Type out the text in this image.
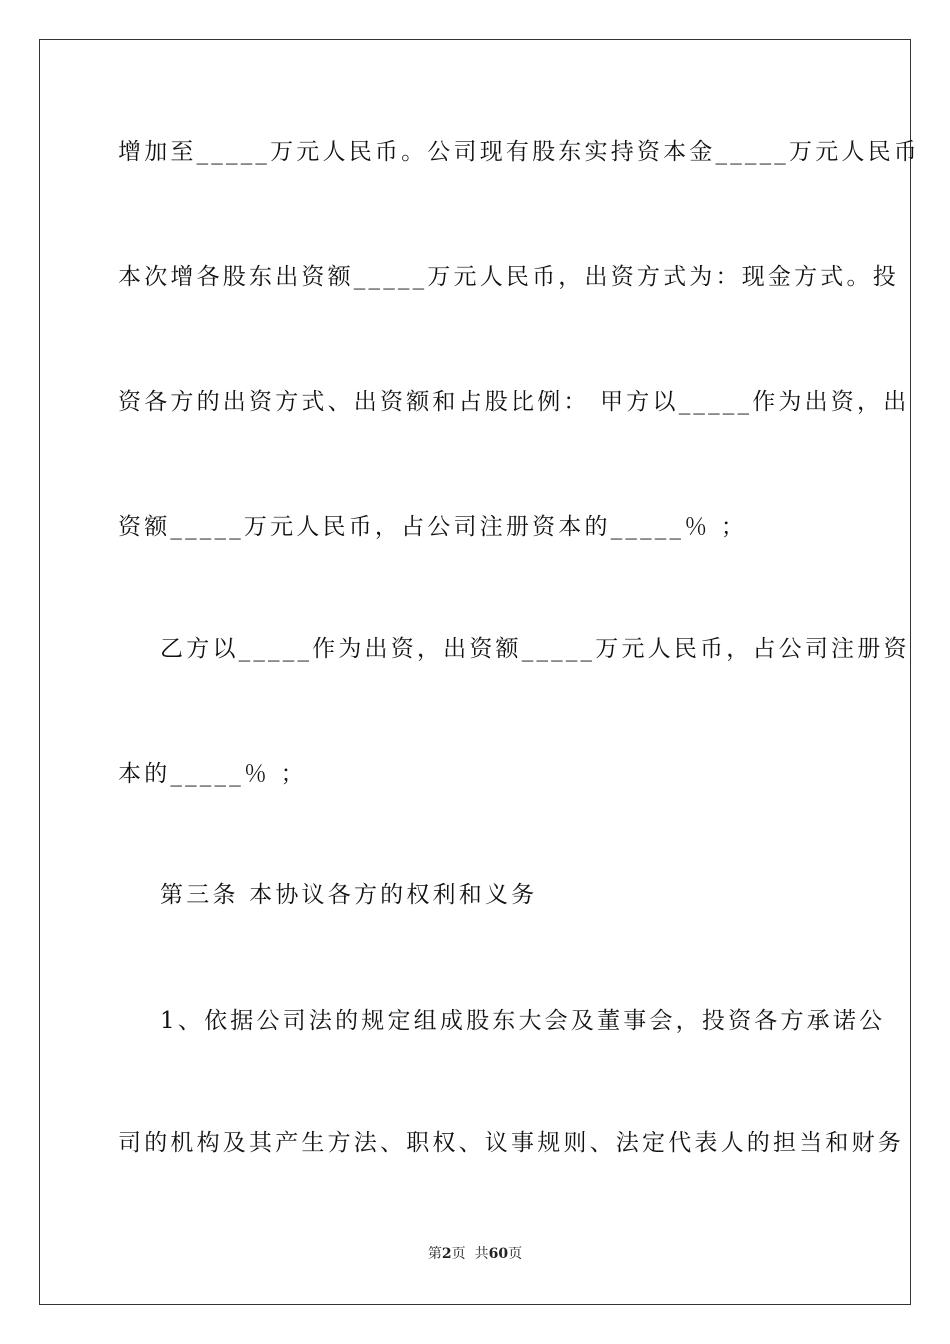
增加至_____万元人民币。公司现有股东实持资本金_____万元人民币
本次增各股东出资额_____万元人民币，出资方式为：现金方式。投
资各方的出资方式、出资额和占股比例： 甲方以_____作为出资，出
资额_____万元人民币，占公司注册资本的_____％ ；
乙方以_____作为出资，出资额_____万元人民币，占公司注册资
本的_____％ ；
第三条 本协议各方的权利和义务
1、依据公司法的规定组成股东大会及董事会，投资各方承诺公
司的机构及其产生方法、职权、议事规则、法定代表人的担当和财务
第2页  共60页
